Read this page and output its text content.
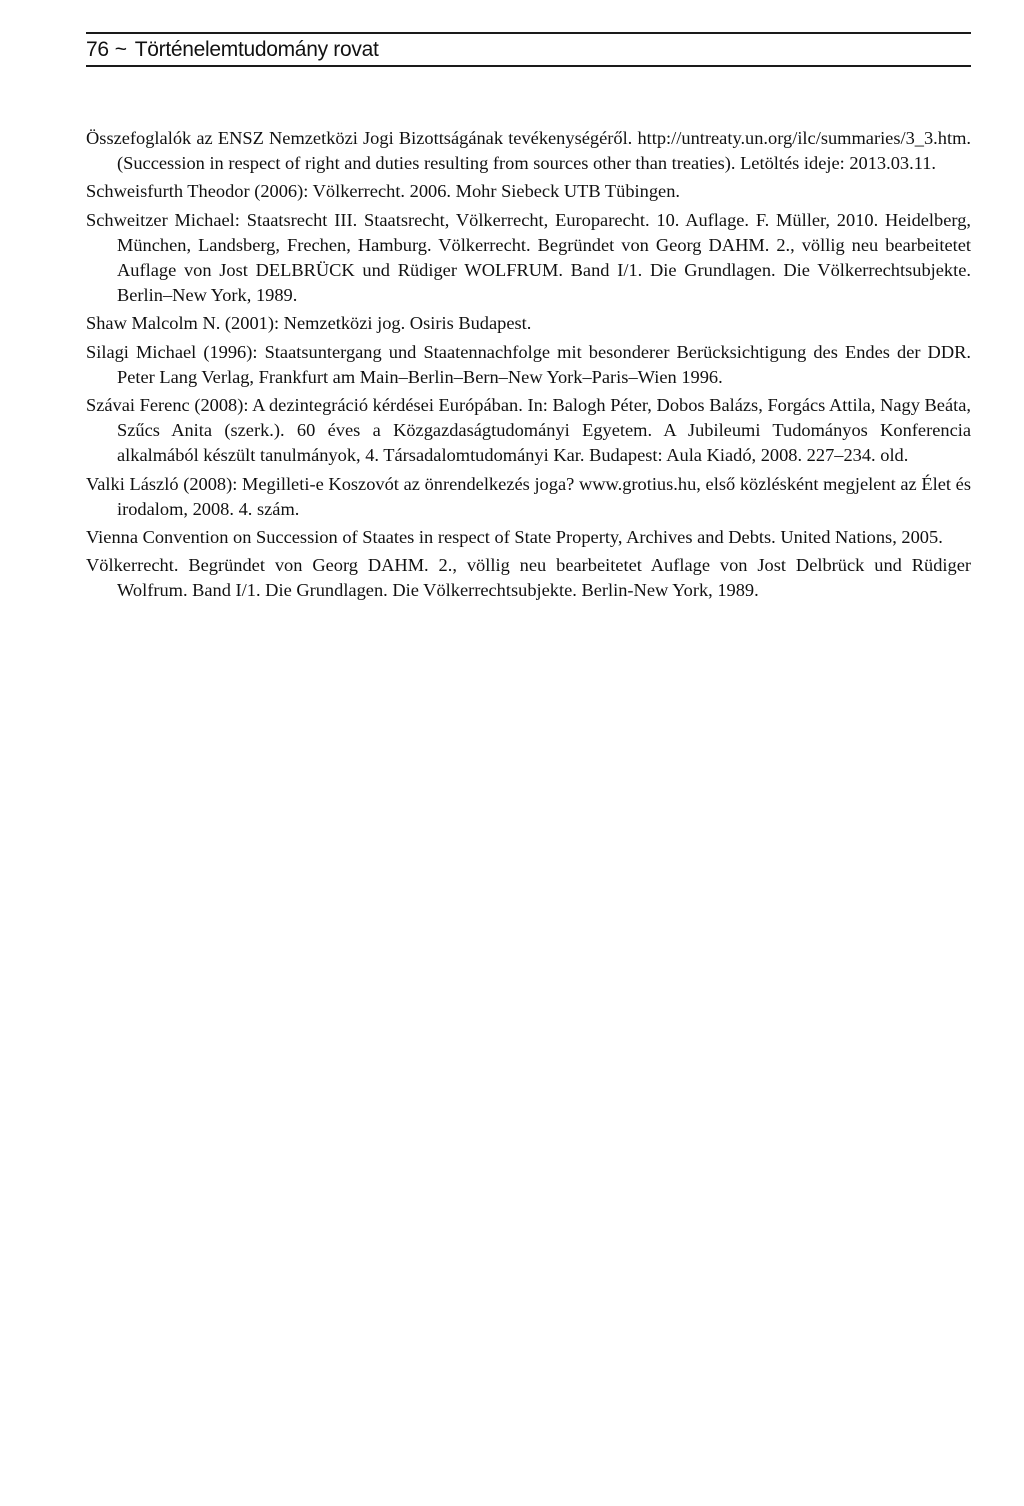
76 ~ Történelemtudomány rovat

Összefoglalók az ENSZ Nemzetközi Jogi Bizottságának tevékenységéről. http://untreaty.un.org/ilc/summaries/3_3.htm. (Succession in respect of right and duties resulting from sources other than treaties). Letöltés ideje: 2013.03.11.

Schweisfurth Theodor (2006): Völkerrecht. 2006. Mohr Siebeck UTB Tübingen.

Schweitzer Michael: Staatsrecht III. Staatsrecht, Völkerrecht, Europarecht. 10. Auflage. F. Müller, 2010. Heidelberg, München, Landsberg, Frechen, Hamburg. Völkerrecht. Begründet von Georg DAHM. 2., völlig neu bearbeitetet Auflage von Jost DELBRÜCK und Rüdiger WOLFRUM. Band I/1. Die Grundlagen. Die Völkerrechtsubjekte. Berlin–New York, 1989.

Shaw Malcolm N. (2001): Nemzetközi jog. Osiris Budapest.

Silagi Michael (1996): Staatsuntergang und Staatennachfolge mit besonderer Berücksichtigung des Endes der DDR. Peter Lang Verlag, Frankfurt am Main–Berlin–Bern–New York–Paris–Wien 1996.

Szávai Ferenc (2008): A dezintegráció kérdései Európában. In: Balogh Péter, Dobos Balázs, Forgács Attila, Nagy Beáta, Szűcs Anita (szerk.). 60 éves a Közgazdaságtudományi Egyetem. A Jubileumi Tudományos Konferencia alkalmából készült tanulmányok, 4. Társadalomtudományi Kar. Budapest: Aula Kiadó, 2008. 227–234. old.

Valki László (2008): Megilleti-e Koszovót az önrendelkezés joga? www.grotius.hu, első közlésként megjelent az Élet és irodalom, 2008. 4. szám.

Vienna Convention on Succession of Staates in respect of State Property, Archives and Debts. United Nations, 2005.

Völkerrecht. Begründet von Georg DAHM. 2., völlig neu bearbeitetet Auflage von Jost Delbrück und Rüdiger Wolfrum. Band I/1. Die Grundlagen. Die Völkerrechtsubjekte. Berlin-New York, 1989.
